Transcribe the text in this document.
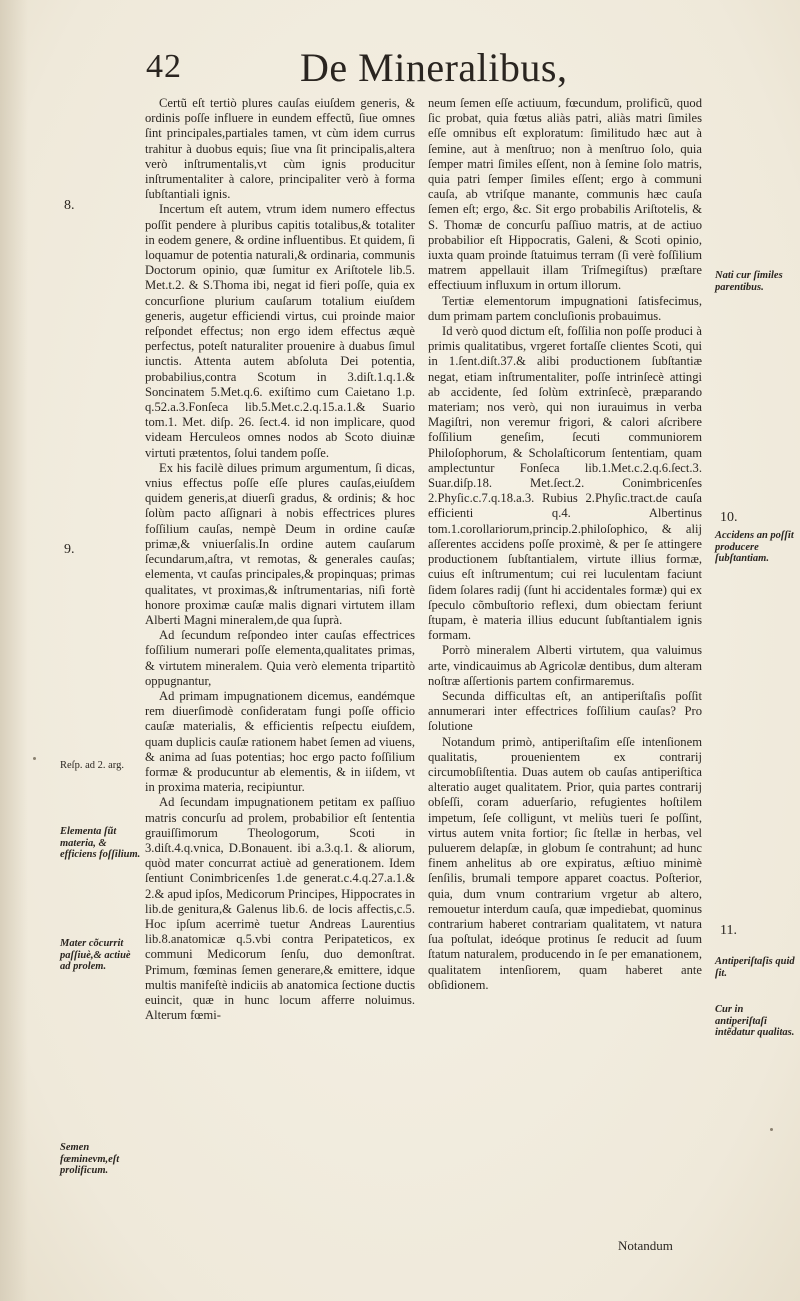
42	De Mineralibus,

Certũ eſt tertiò plures cauſas eiuſdem generis, & ordinis poſſe influere in eundem effectũ, ſiue omnes ſint principales,partiales tamen, vt cùm idem currus trahitur à duobus equis; ſiue vna ſit principalis,altera verò inſtrumentalis,vt cùm ignis producitur inſtrumentaliter à calore, principaliter verò à forma ſubſtantiali ignis.

Incertum eſt autem, vtrum idem numero effectus poſſit pendere à pluribus capitis totalibus,& totaliter in eodem genere, & ordine influentibus. Et quidem, ſi loquamur de potentia naturali,& ordinaria, communis Doctorum opinio, quæ ſumitur ex Ariſtotele lib.5. Met.t.2. & S.Thoma ibi, negat id fieri poſſe, quia ex concurſione plurium cauſarum totalium eiuſdem generis, augetur efficiendi virtus, cui proinde maior reſpondet effectus; non ergo idem effectus æquè perfectus, poteſt naturaliter prouenire à duabus ſimul iunctis. Attenta autem abſoluta Dei potentia, probabilius,contra Scotum in 3.diſt.1.q.1.& Soncinatem 5.Met.q.6. exiſtimo cum Caietano 1.p. q.52.a.3.Fonſeca lib.5.Met.c.2.q.15.a.1.& Suario tom.1. Met. diſp. 26. ſect.4. id non implicare, quod videam Herculeos omnes nodos ab Scoto diuinæ virtuti prætentos, ſolui tandem poſſe.

Ex his facilè dilues primum argumentum, ſi dicas, vnius effectus poſſe eſſe plures cauſas,eiuſdem quidem generis,at diuerſi gradus, & ordinis; & hoc ſolùm pacto aſſignari à nobis effectrices plures foſſilium cauſas, nempè Deum in ordine cauſæ primæ,& vniuerſalis.In ordine autem cauſarum ſecundarum,aſtra, vt remotas, & generales cauſas; elementa, vt cauſas principales,& propinquas; primas qualitates, vt proximas,& inſtrumentarias, niſi fortè honore proximæ cauſæ malis dignari virtutem illam Alberti Magni mineralem,de qua ſuprà.

Ad ſecundum reſpondeo inter cauſas effectrices foſſilium numerari poſſe elementa,qualitates primas, & virtutem mineralem. Quia verò elementa tripartitò oppugnantur,

Ad primam impugnationem dicemus, eandémque rem diuerſimodè conſideratam fungi poſſe officio cauſæ materialis, & efficientis reſpectu eiuſdem, quam duplicis cauſæ rationem habet ſemen ad viuens, & anima ad ſuas potentias; hoc ergo pacto foſſilium formæ & producuntur ab elementis, & in iiſdem, vt in proxima materia, recipiuntur.

Ad ſecundam impugnationem petitam ex paſſiuo matris concurſu ad prolem, probabilior eſt ſententia grauiſſimorum Theologorum, Scoti in 3.diſt.4.q.vnica, D.Bonauent. ibi a.3.q.1. & aliorum, quòd mater concurrat actiuè ad generationem. Idem ſentiunt Conimbricenſes 1.de generat.c.4.q.27.a.1.& 2.& apud ipſos, Medicorum Principes, Hippocrates in lib.de genitura,& Galenus lib.6. de locis affectis,c.5. Hoc ipſum acerrimè tuetur Andreas Laurentius lib.8.anatomicæ q.5.vbi contra Peripateticos, ex communi Medicorum ſenſu, duo demonſtrat. Primum, fœminas ſemen generare,& emittere, idque multis manifeſtè indiciis ab anatomica ſectione ductis euincit, quæ in hunc locum afferre noluimus. Alterum fœmi-

neum ſemen eſſe actiuum, fœcundum, prolificũ, quod ſic probat, quia fœtus aliàs patri, aliàs matri ſimiles eſſe omnibus eſt exploratum: ſimilitudo hæc aut à ſemine, aut à menſtruo; non à menſtruo ſolo, quia ſemper matri ſimiles eſſent, non à ſemine ſolo matris, quia patri ſemper ſimiles eſſent; ergo à communi cauſa, ab vtriſque manante, communis hæc cauſa ſemen eſt; ergo, &c. Sit ergo probabilis Ariſtotelis, & S. Thomæ de concurſu paſſiuo matris, at de actiuo probabilior eſt Hippocratis, Galeni, & Scoti opinio, iuxta quam proinde ſtatuimus terram (ſi verè foſſilium matrem appellauit illam Triſmegiſtus) præſtare effectiuum influxum in ortum illorum.

Tertiæ elementorum impugnationi ſatisfecimus, dum primam partem concluſionis probauimus.

Id verò quod dictum eſt, foſſilia non poſſe produci à primis qualitatibus, vrgeret fortaſſe clientes Scoti, qui in 1.ſent.diſt.37.& alibi productionem ſubſtantiæ negat, etiam inſtrumentaliter, poſſe intrinſecè attingi ab accidente, ſed ſolùm extrinſecè, præparando materiam; nos verò, qui non iurauimus in verba Magiſtri, non veremur frigori, & calori aſcribere foſſilium geneſim, ſecuti communiorem Philoſophorum, & Scholaſticorum ſententiam, quam amplectuntur Fonſeca lib.1.Met.c.2.q.6.ſect.3. Suar.diſp.18. Met.ſect.2. Conimbricenſes 2.Phyſic.c.7.q.18.a.3. Rubius 2.Phyſic.tract.de cauſa efficienti q.4. Albertinus tom.1.corollariorum,princip.2.philoſophico, & alij aſſerentes accidens poſſe proximè, & per ſe attingere productionem ſubſtantialem, virtute illius formæ, cuius eſt inſtrumentum; cui rei luculentam faciunt ſidem ſolares radij (ſunt hi accidentales formæ) qui ex ſpeculo cõmbuſtorio reflexi, dum obiectam feriunt ſtupam, è materia illius educunt ſubſtantialem ignis formam.

Porrò mineralem Alberti virtutem, qua valuimus arte, vindicauimus ab Agricolæ dentibus, dum alteram noſtræ aſſertionis partem confirmaremus.

Secunda difficultas eſt, an antiperiſtaſis poſſit annumerari inter effectrices foſſilium cauſas? Pro ſolutione

Notandum primò, antiperiſtaſim eſſe intenſionem qualitatis, prouenientem ex contrarij circumobſiſtentia. Duas autem ob cauſas antiperiſtica alteratio auget qualitatem. Prior, quia partes contrarij obſeſſi, coram aduerſario, refugientes hoſtilem impetum, ſeſe colligunt, vt meliùs tueri ſe poſſint, virtus autem vnita fortior; ſic ſtellæ in herbas, vel puluerem delapſæ, in globum ſe contrahunt; ad hunc finem anhelitus ab ore expiratus, æſtiuo minimè ſenſilis, brumali tempore apparet coactus. Poſterior, quia, dum vnum contrarium vrgetur ab altero, remouetur interdum cauſa, quæ impediebat, quominus contrarium haberet contrariam qualitatem, vt natura ſua poſtulat, ideóque protinus ſe reducit ad ſuum ſtatum naturalem, producendo in ſe per emanationem, qualitatem intenſiorem, quam haberet ante obſidionem.

Notandum
8.
9.
Reſp. ad 2. arg.
Elementa ſũt materia, & efficiens foſſilium.
Mater cõcurrit paſſiuè,& actiuè ad prolem.
Semen fœminevm,eſt prolificum.
Nati cur ſimiles parentibus.
10.
Accidens an poſſit producere ſubſtantiam.
11.
Antiperiſtaſis quid ſit.
Cur in antiperiſtaſi intẽdatur qualitas.
